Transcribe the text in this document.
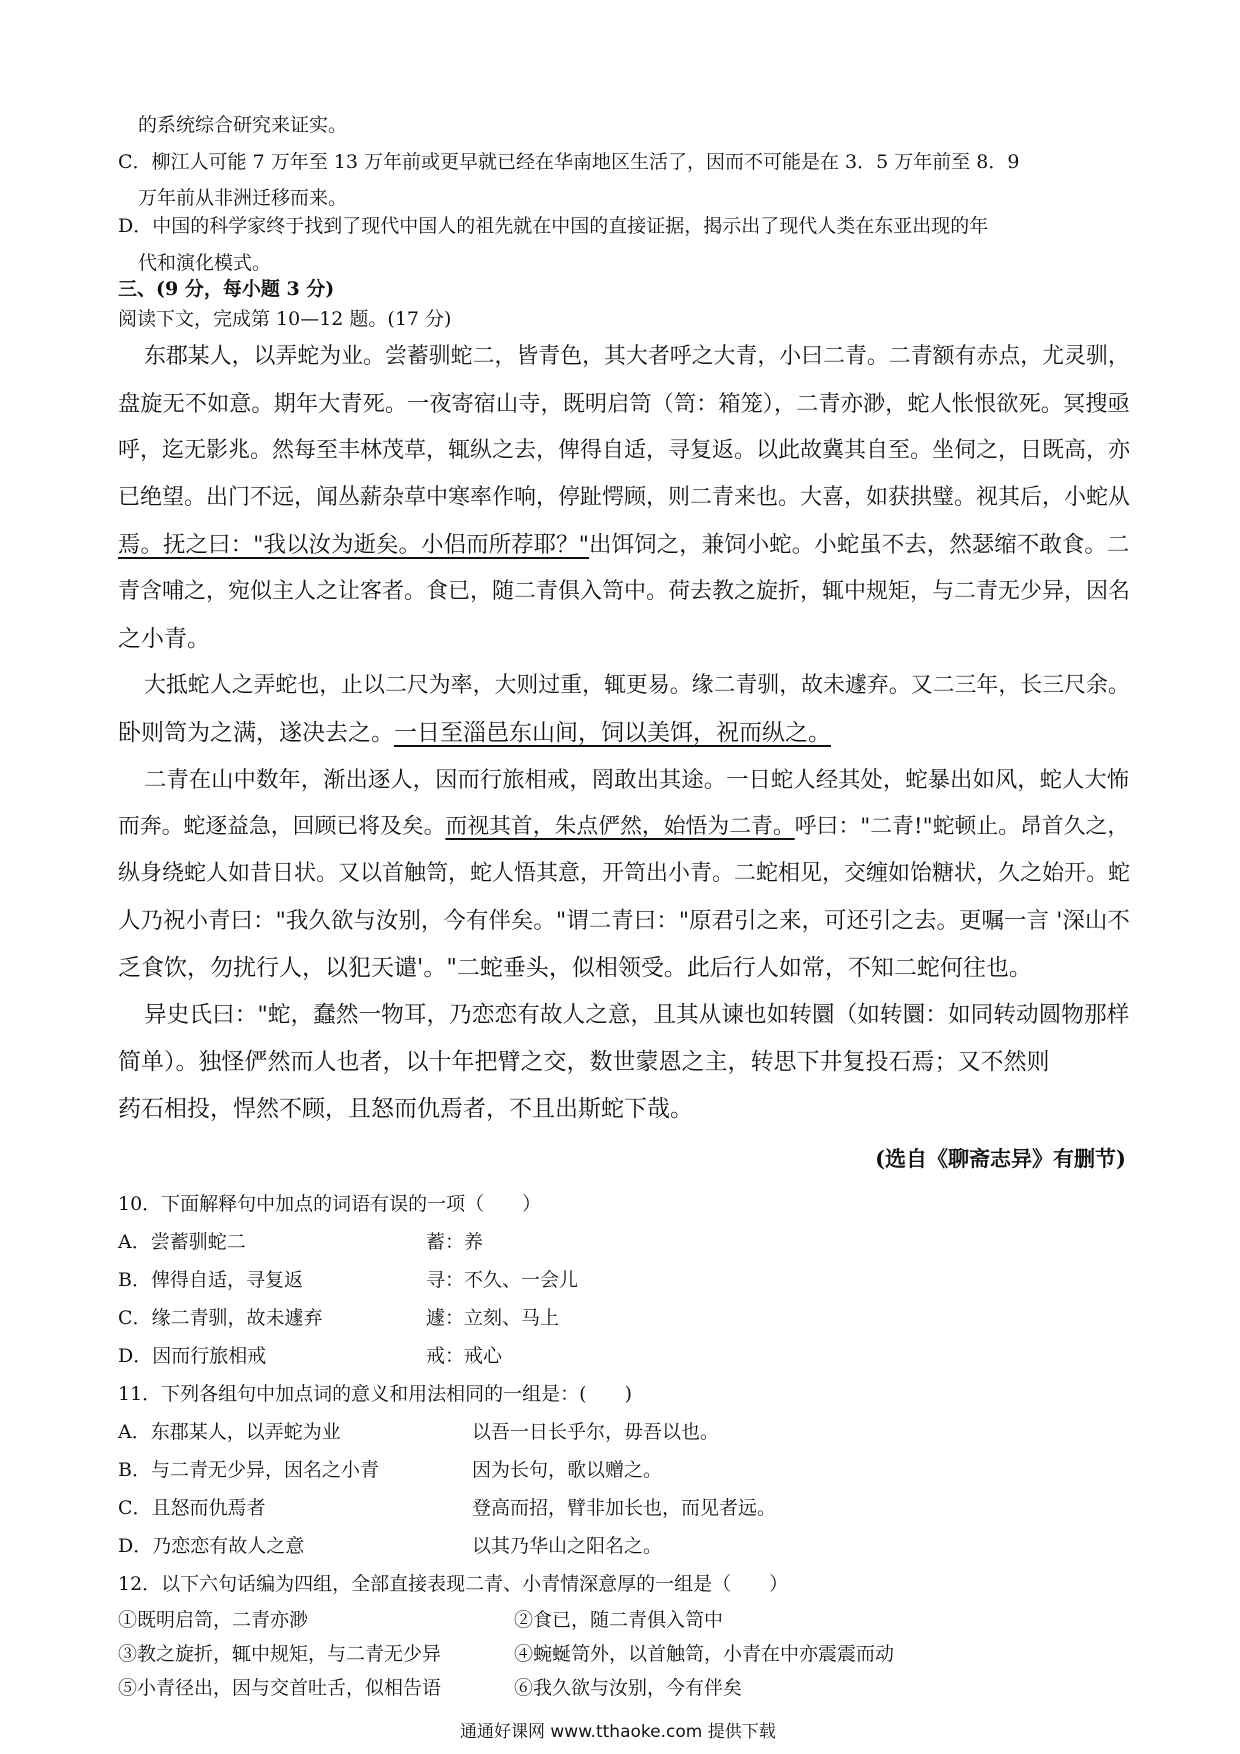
的系统综合研究来证实。
C．柳江人可能 7 万年至 13 万年前或更早就已经在华南地区生活了，因而不可能是在 3．5 万年前至 8．9
万年前从非洲迁移而来。
D．中国的科学家终于找到了现代中国人的祖先就在中国的直接证据，揭示出了现代人类在东亚出现的年
代和演化模式。
三、(9 分，每小题 3 分)
阅读下文，完成第 10—12 题。(17 分)
东郡某人，以弄蛇为业。尝蓄驯蛇二，皆青色，其大者呼之大青，小曰二青。二青额有赤点，尤灵驯，
盘旋无不如意。期年大青死。一夜寄宿山寺，既明启笥（笥：箱笼），二青亦渺，蛇人怅恨欲死。冥搜亟
呼，迄无影兆。然每至丰林茂草，辄纵之去，俾得自适，寻复返。以此故冀其自至。坐伺之，日既高，亦
已绝望。出门不远，闻丛薪杂草中寒率作响，停趾愕顾，则二青来也。大喜，如获拱璧。视其后，小蛇从
焉。抚之曰："我以汝为逝矣。小侣而所荐耶？"出饵饲之，兼饲小蛇。小蛇虽不去，然瑟缩不敢食。二
青含哺之，宛似主人之让客者。食已，随二青俱入笥中。荷去教之旋折，辄中规矩，与二青无少异，因名
之小青。
大抵蛇人之弄蛇也，止以二尺为率，大则过重，辄更易。缘二青驯，故未遽弃。又二三年，长三尺余。
卧则笥为之满，遂决去之。一日至淄邑东山间，饲以美饵，祝而纵之。
二青在山中数年，渐出逐人，因而行旅相戒，罔敢出其途。一日蛇人经其处，蛇暴出如风，蛇人大怖
而奔。蛇逐益急，回顾已将及矣。而视其首，朱点俨然，始悟为二青。呼曰："二青!"蛇顿止。昂首久之，
纵身绕蛇人如昔日状。又以首触笥，蛇人悟其意，开笥出小青。二蛇相见，交缠如饴糖状，久之始开。蛇
人乃祝小青曰："我久欲与汝别，今有伴矣。"谓二青曰："原君引之来，可还引之去。更嘱一言 '深山不
乏食饮，勿扰行人，以犯天谴'。"二蛇垂头，似相领受。此后行人如常，不知二蛇何往也。
异史氏曰："蛇，蠢然一物耳，乃恋恋有故人之意，且其从谏也如转圜（如转圜：如同转动圆物那样
简单）。独怪俨然而人也者，以十年把臂之交，数世蒙恩之主，转思下井复投石焉；又不然则
药石相投，悍然不顾，且怒而仇焉者，不且出斯蛇下哉。
(选自《聊斋志异》有删节)
10．下面解释句中加点的词语有误的一项（　　）
A．尝蓄驯蛇二	蓄：养
B．俾得自适，寻复返	寻：不久、一会儿
C．缘二青驯，故未遽弃	遽：立刻、马上
D．因而行旅相戒	戒：戒心
11．下列各组句中加点词的意义和用法相同的一组是：(　　)
A．东郡某人，以弄蛇为业	以吾一日长乎尔，毋吾以也。
B．与二青无少异，因名之小青	因为长句，歌以赠之。
C．且怒而仇焉者	登高而招，臂非加长也，而见者远。
D．乃恋恋有故人之意	以其乃华山之阳名之。
12．以下六句话编为四组，全部直接表现二青、小青情深意厚的一组是（　　）
①既明启笥，二青亦渺	②食已，随二青俱入笥中
③教之旋折，辄中规矩，与二青无少异	④蜿蜒笥外，以首触笥，小青在中亦震震而动
⑤小青径出，因与交首吐舌，似相告语	⑥我久欲与汝别，今有伴矣
通通好课网 www.tthaoke.com 提供下载
